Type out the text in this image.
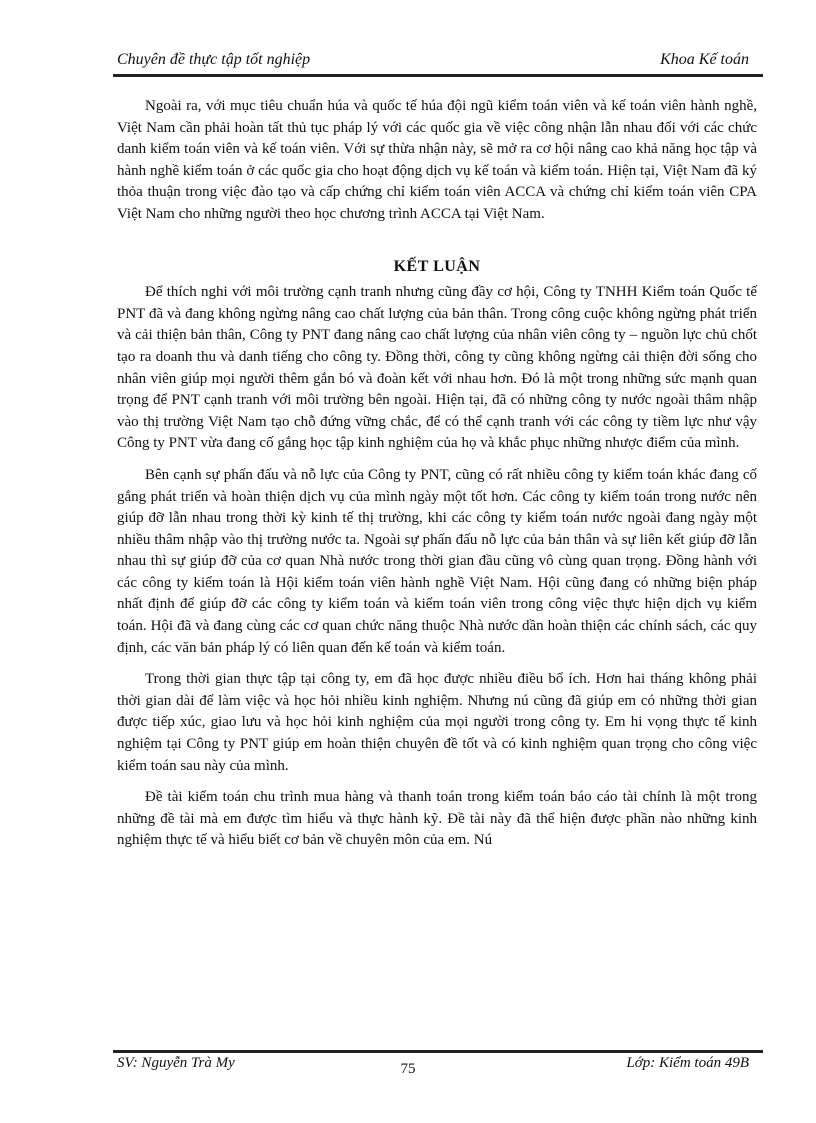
Chuyên đề thực tập tốt nghiệp	Khoa Kế toán

Ngoài ra, với mục tiêu chuẩn húa và quốc tế húa đội ngũ kiểm toán viên và kế toán viên hành nghề, Việt Nam cần phải hoàn tất thủ tục pháp lý với các quốc gia về việc công nhận lẫn nhau đối với các chức danh kiểm toán viên và kế toán viên. Với sự thừa nhận này, sẽ mở ra cơ hội nâng cao khả năng học tập và hành nghề kiểm toán ở các quốc gia cho hoạt động dịch vụ kế toán và kiểm toán. Hiện tại, Việt Nam đã ký thỏa thuận trong việc đào tạo và cấp chứng chỉ kiểm toán viên ACCA và chứng chỉ kiểm toán viên CPA Việt Nam cho những người theo học chương trình ACCA tại Việt Nam.

KẾT LUẬN

Để thích nghi với môi trường cạnh tranh nhưng cũng đầy cơ hội, Công ty TNHH Kiểm toán Quốc tế PNT đã và đang không ngừng nâng cao chất lượng của bản thân. Trong công cuộc không ngừng phát triển và cải thiện bản thân, Công ty PNT đang nâng cao chất lượng của nhân viên công ty – nguồn lực chủ chốt tạo ra doanh thu và danh tiếng cho công ty. Đồng thời, công ty cũng không ngừng cải thiện đời sống cho nhân viên giúp mọi người thêm gắn bó và đoàn kết với nhau hơn. Đó là một trong những sức mạnh quan trọng để PNT cạnh tranh với môi trường bên ngoài. Hiện tại, đã có những công ty nước ngoài thâm nhập vào thị trường Việt Nam tạo chỗ đứng vững chắc, để có thể cạnh tranh với các công ty tiềm lực như vậy Công ty PNT vừa đang cố gắng học tập kinh nghiệm của họ và khắc phục những nhược điểm của mình.

Bên cạnh sự phấn đấu và nỗ lực của Công ty PNT, cũng có rất nhiều công ty kiểm toán khác đang cố gắng phát triển và hoàn thiện dịch vụ của mình ngày một tốt hơn. Các công ty kiểm toán trong nước nên giúp đỡ lẫn nhau trong thời kỳ kinh tế thị trường, khi các công ty kiểm toán nước ngoài đang ngày một nhiều thâm nhập vào thị trường nước ta. Ngoài sự phấn đấu nỗ lực của bản thân và sự liên kết giúp đỡ lẫn nhau thì sự giúp đỡ của cơ quan Nhà nước trong thời gian đầu cũng vô cùng quan trọng. Đồng hành với các công ty kiểm toán là Hội kiểm toán viên hành nghề Việt Nam. Hội cũng đang có những biện pháp nhất định để giúp đỡ các công ty kiểm toán và kiểm toán viên trong công việc thực hiện dịch vụ kiểm toán. Hội đã và đang cùng các cơ quan chức năng thuộc Nhà nước dần hoàn thiện các chính sách, các quy định, các văn bản pháp lý có liên quan đến kế toán và kiểm toán.

Trong thời gian thực tập tại công ty, em đã học được nhiều điều bổ ích. Hơn hai tháng không phải thời gian dài để làm việc và học hỏi nhiều kinh nghiệm. Nhưng nú cũng đã giúp em có những thời gian được tiếp xúc, giao lưu và học hỏi kinh nghiệm của mọi người trong công ty. Em hi vọng thực tế kinh nghiệm tại Công ty PNT giúp em hoàn thiện chuyên đề tốt và có kinh nghiệm quan trọng cho công việc kiểm toán sau này của mình.

Đề tài kiểm toán chu trình mua hàng và thanh toán trong kiểm toán báo cáo tài chính là một trong những đề tài mà em được tìm hiểu và thực hành kỹ. Đề tài này đã thể hiện được phần nào những kinh nghiệm thực tế và hiểu biết cơ bản về chuyên môn của em. Nú

SV: Nguyễn Trà My	Lớp: Kiểm toán 49B
75
